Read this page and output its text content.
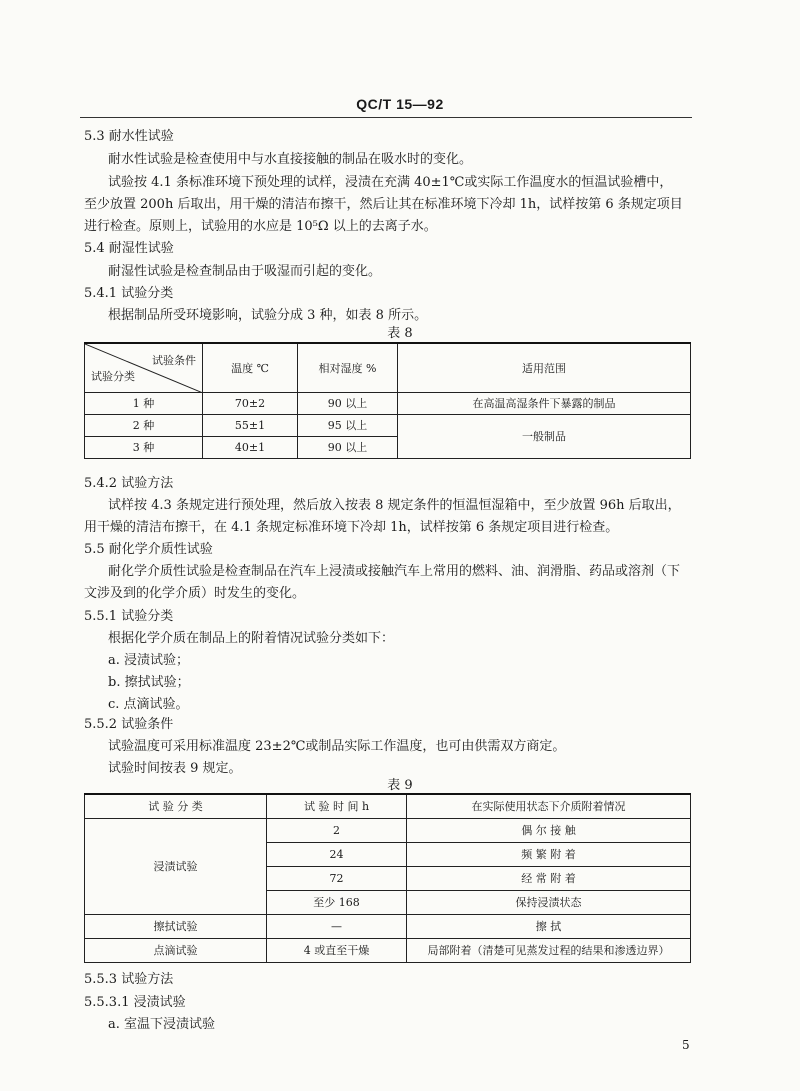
QC/T 15—92
5.3 耐水性试验
耐水性试验是检查使用中与水直接接触的制品在吸水时的变化。
试验按 4.1 条标准环境下预处理的试样，浸渍在充满 40±1℃或实际工作温度水的恒温试验槽中，
至少放置 200h 后取出，用干燥的清洁布擦干，然后让其在标准环境下冷却 1h，试样按第 6 条规定项目
进行检查。原则上，试验用的水应是 10⁵Ω 以上的去离子水。
5.4 耐湿性试验
耐湿性试验是检查制品由于吸湿而引起的变化。
5.4.1 试验分类
根据制品所受环境影响，试验分成 3 种，如表 8 所示。
表 8
试验条件
试验分类	温度 ℃	相对湿度 %	适用范围
1 种	70±2	90 以上	在高温高湿条件下暴露的制品
2 种	55±1	95 以上	一般制品
3 种	40±1	90 以上	
5.4.2 试验方法
试样按 4.3 条规定进行预处理，然后放入按表 8 规定条件的恒温恒湿箱中，至少放置 96h 后取出，
用干燥的清洁布擦干，在 4.1 条规定标准环境下冷却 1h，试样按第 6 条规定项目进行检查。
5.5 耐化学介质性试验
耐化学介质性试验是检查制品在汽车上浸渍或接触汽车上常用的燃料、油、润滑脂、药品或溶剂（下
文涉及到的化学介质）时发生的变化。
5.5.1 试验分类
根据化学介质在制品上的附着情况试验分类如下：
a. 浸渍试验；
b. 擦拭试验；
c. 点滴试验。
5.5.2 试验条件
试验温度可采用标准温度 23±2℃或制品实际工作温度，也可由供需双方商定。
试验时间按表 9 规定。
表 9
试 验 分 类	试 验 时 间 h	在实际使用状态下介质附着情况
浸渍试验	2	偶 尔 接 触
	24	频 繁 附 着
	72	经 常 附 着
	至少 168	保持浸渍状态
擦拭试验	—	擦 拭
点滴试验	4 或直至干燥	局部附着（清楚可见蒸发过程的结果和渗透边界）
5.5.3 试验方法
5.5.3.1 浸渍试验
a. 室温下浸渍试验
5
